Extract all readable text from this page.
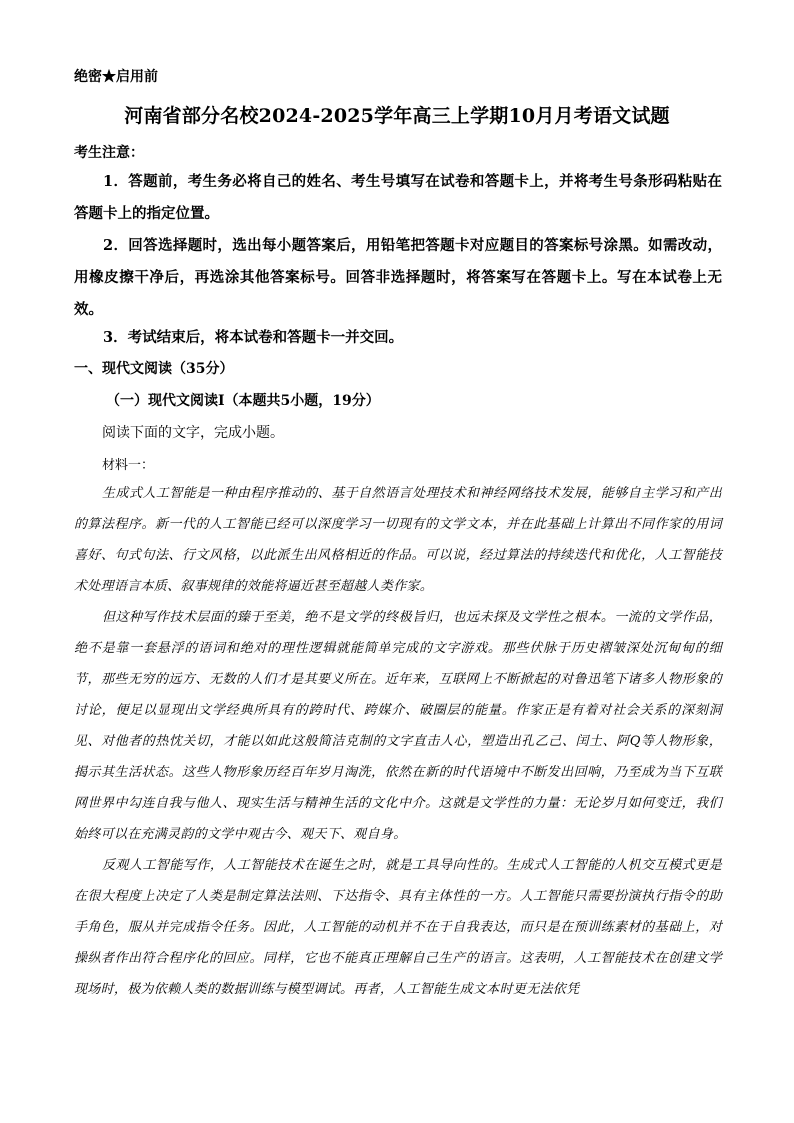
绝密★启用前
河南省部分名校2024-2025学年高三上学期10月月考语文试题
考生注意：
1．答题前，考生务必将自己的姓名、考生号填写在试卷和答题卡上，并将考生号条形码粘贴在答题卡上的指定位置。
2．回答选择题时，选出每小题答案后，用铅笔把答题卡对应题目的答案标号涂黑。如需改动，用橡皮擦干净后，再选涂其他答案标号。回答非选择题时，将答案写在答题卡上。写在本试卷上无效。
3．考试结束后，将本试卷和答题卡一并交回。
一、现代文阅读（35分）
（一）现代文阅读Ⅰ（本题共5小题，19分）
阅读下面的文字，完成小题。
材料一：
生成式人工智能是一种由程序推动的、基于自然语言处理技术和神经网络技术发展，能够自主学习和产出的算法程序。新一代的人工智能已经可以深度学习一切现有的文学文本，并在此基础上计算出不同作家的用词喜好、句式句法、行文风格，以此派生出风格相近的作品。可以说，经过算法的持续迭代和优化，人工智能技术处理语言本质、叙事规律的效能将逼近甚至超越人类作家。
但这种写作技术层面的臻于至美，绝不是文学的终极旨归，也远未探及文学性之根本。一流的文学作品，绝不是靠一套悬浮的语词和绝对的理性逻辑就能简单完成的文字游戏。那些伏脉于历史褶皱深处沉甸甸的细节，那些无穷的远方、无数的人们才是其要义所在。近年来，互联网上不断掀起的对鲁迅笔下诸多人物形象的讨论，便足以显现出文学经典所具有的跨时代、跨媒介、破圈层的能量。作家正是有着对社会关系的深刻洞见、对他者的热忱关切，才能以如此这般简洁克制的文字直击人心，塑造出孔乙己、闰土、阿Q等人物形象，揭示其生活状态。这些人物形象历经百年岁月淘洗，依然在新的时代语境中不断发出回响，乃至成为当下互联网世界中勾连自我与他人、现实生活与精神生活的文化中介。这就是文学性的力量：无论岁月如何变迁，我们始终可以在充满灵韵的文学中观古今、观天下、观自身。
反观人工智能写作，人工智能技术在诞生之时，就是工具导向性的。生成式人工智能的人机交互模式更是在很大程度上决定了人类是制定算法法则、下达指令、具有主体性的一方。人工智能只需要扮演执行指令的助手角色，服从并完成指令任务。因此，人工智能的动机并不在于自我表达，而只是在预训练素材的基础上，对操纵者作出符合程序化的回应。同样，它也不能真正理解自己生产的语言。这表明，人工智能技术在创建文学现场时，极为依赖人类的数据训练与模型调试。再者，人工智能生成文本时更无法依凭
